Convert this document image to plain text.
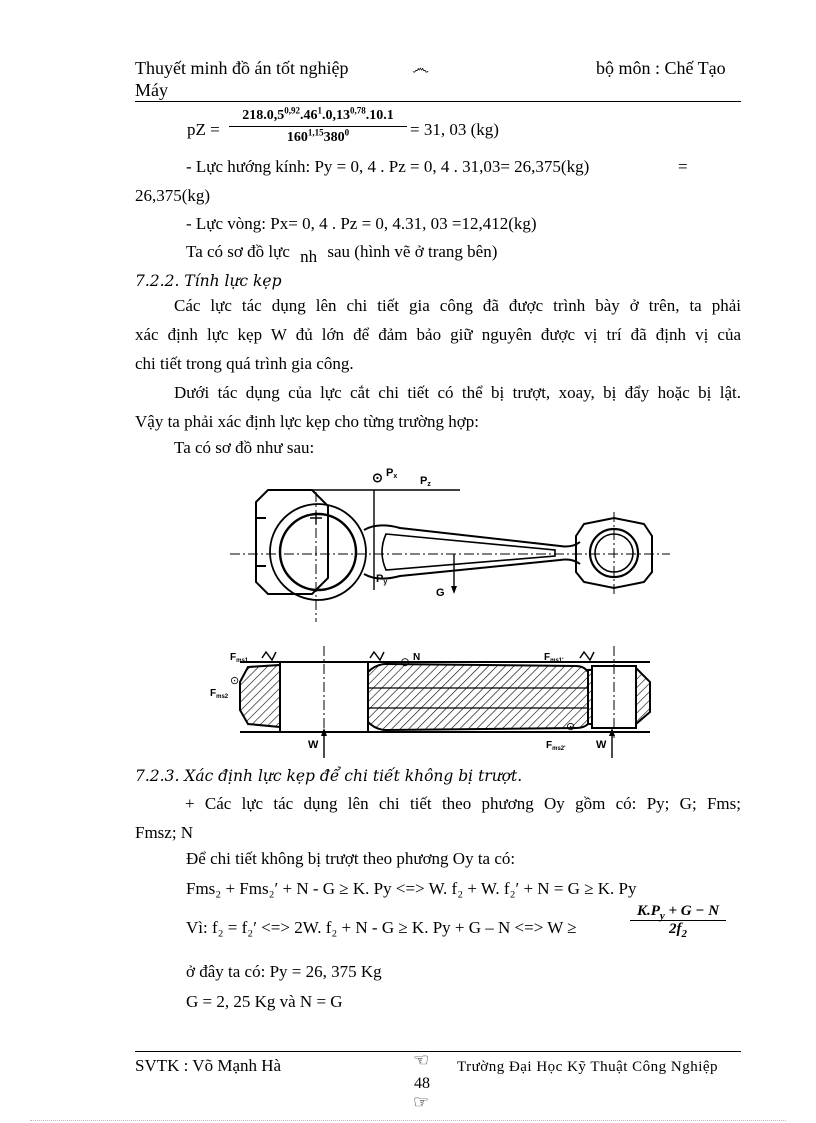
Thuyết minh đồ án tốt nghiệp
Máy
෴	bộ môn : Chế Tạo
pZ = $\frac{218.0,5^{0,92}.46^1.0,13^{0,78}.10.1}{160^{1,15}380^0} = 31$, 03 (kg)
- Lực hướng kính: Py = 0, 4 . Pz = 0, 4 . 31,03= 26,375(kg)	=
26,375(kg)
- Lực vòng: Px= 0, 4 . Pz = 0, 4.31, 03 =12,412(kg)
Ta có sơ đồ lực nh sau (hình vẽ ở trang bên)
7.2.2. Tính lực kẹp
Các lực tác dụng lên chi tiết gia công đã được trình bày ở trên, ta phải
xác định lực kẹp W đủ lớn để đảm bảo giữ nguyên được vị trí đã định vị của
chi tiết trong quá trình gia công.
Dưới tác dụng của lực cắt chi tiết có thể bị trượt, xoay, bị đẩy hoặc bị lật.
Vậy ta phải xác định lực kẹp cho từng trường hợp:
Ta có sơ đồ như sau:
⊙ Px Pz
Py
G
$F_{ms1}$
⊙
$F_{ms2}$
⊙ N	$F_{ms1'}$
⊙
$F_{ms2'}$
W	W
7.2.3. Xác định lực kẹp để chi tiết không bị trượt.
+ Các lực tác dụng lên chi tiết theo phương Oy gồm có: Py; G; Fms;
Fmsz; N
Để chi tiết không bị trượt theo phương Oy ta có:
Fms₂ + Fms₂′ + N - G ≥ K. Py <=> W. f₂ + W. f₂′ + N = G ≥ K. Py
Vì: f₂ = f₂′ <=> 2W. f₂ + N - G ≥ K. Py + G – N <=> W ≥	$\frac{K.P_y + G - N}{2f_2}$
ở đây ta có: Py = 26, 375 Kg
G = 2, 25 Kg và N = G
SVTK : Võ Mạnh Hà	☜
48
☞
Trường Đại Học Kỹ Thuật Công Nghiệp
